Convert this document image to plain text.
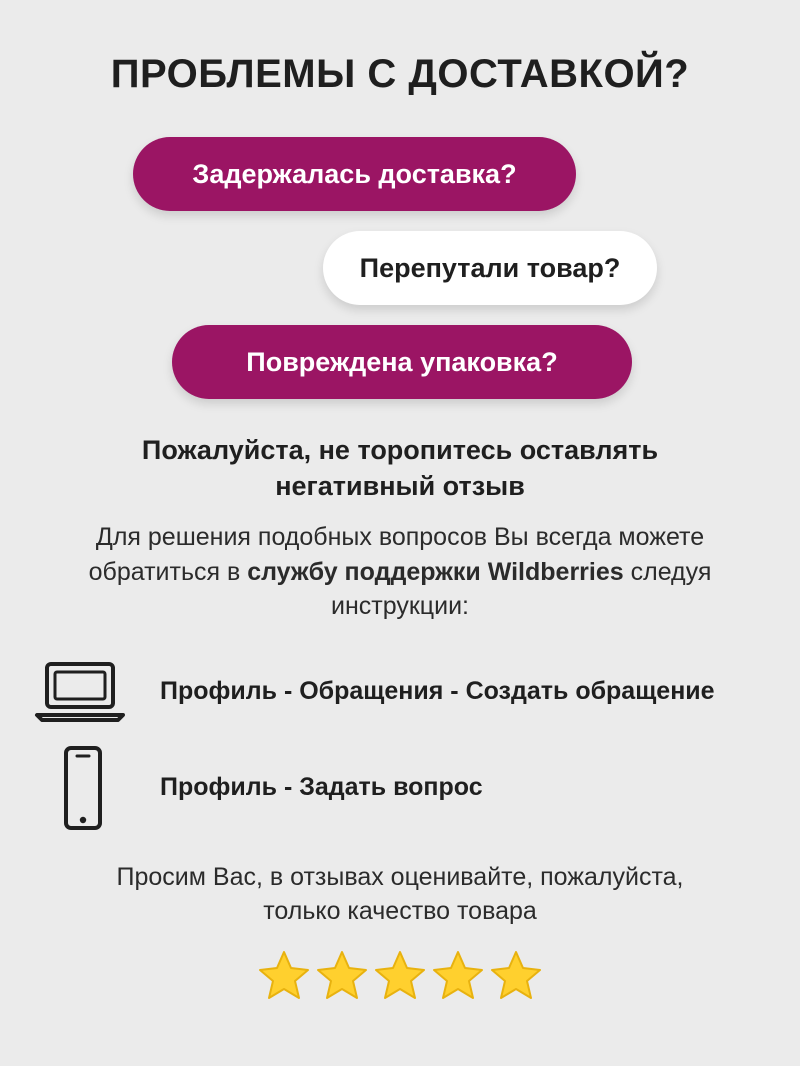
ПРОБЛЕМЫ С ДОСТАВКОЙ?
Задержалась доставка?
Перепутали товар?
Повреждена упаковка?
Пожалуйста, не торопитесь оставлять
негативный отзыв

Для решения подобных вопросов Вы всегда можете обратиться в службу поддержки Wildberries следуя инструкции:

Профиль - Обращения - Создать обращение
Профиль - Задать вопрос
Просим Вас, в отзывах оценивайте, пожалуйста,
только качество товара
